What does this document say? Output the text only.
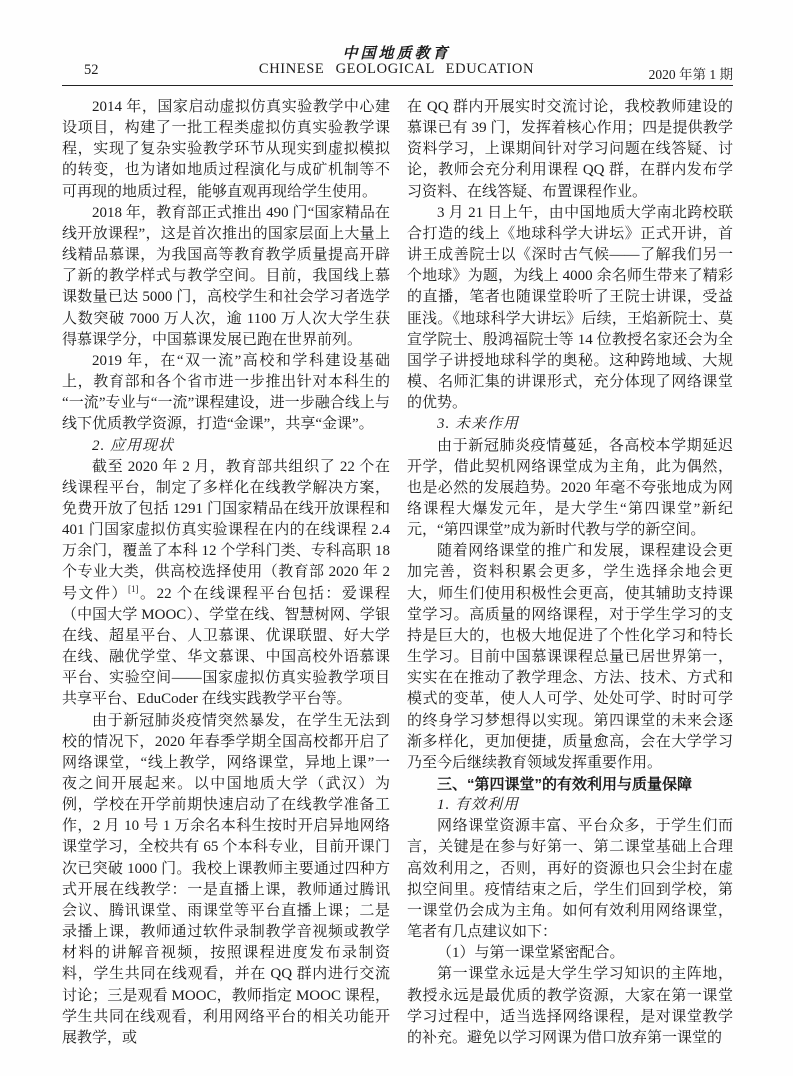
中国地质教育
CHINESE GEOLOGICAL EDUCATION
52	2020 年第 1 期

2014 年，国家启动虚拟仿真实验教学中心建设项目，构建了一批工程类虚拟仿真实验教学课程，实现了复杂实验教学环节从现实到虚拟模拟的转变，也为诸如地质过程演化与成矿机制等不可再现的地质过程，能够直观再现给学生使用。

2018 年，教育部正式推出 490 门“国家精品在线开放课程”，这是首次推出的国家层面上大量上线精品慕课，为我国高等教育教学质量提高开辟了新的教学样式与教学空间。目前，我国线上慕课数量已达 5000 门，高校学生和社会学习者选学人数突破 7000 万人次，逾 1100 万人次大学生获得慕课学分，中国慕课发展已跑在世界前列。

2019 年，在“双一流”高校和学科建设基础上，教育部和各个省市进一步推出针对本科生的“一流”专业与“一流”课程建设，进一步融合线上与线下优质教学资源，打造“金课”，共享“金课”。

2. 应用现状

截至 2020 年 2 月，教育部共组织了 22 个在线课程平台，制定了多样化在线教学解决方案，免费开放了包括 1291 门国家精品在线开放课程和 401 门国家虚拟仿真实验课程在内的在线课程 2.4 万余门，覆盖了本科 12 个学科门类、专科高职 18 个专业大类，供高校选择使用（教育部 2020 年 2 号文件）[1]。22 个在线课程平台包括：爱课程（中国大学 MOOC）、学堂在线、智慧树网、学银在线、超星平台、人卫慕课、优课联盟、好大学在线、融优学堂、华文慕课、中国高校外语慕课平台、实验空间——国家虚拟仿真实验教学项目共享平台、EduCoder 在线实践教学平台等。

由于新冠肺炎疫情突然暴发，在学生无法到校的情况下，2020 年春季学期全国高校都开启了网络课堂，“线上教学，网络课堂，异地上课”一夜之间开展起来。以中国地质大学（武汉）为例，学校在开学前期快速启动了在线教学准备工作，2 月 10 号 1 万余名本科生按时开启异地网络课堂学习，全校共有 65 个本科专业，目前开课门次已突破 1000 门。我校上课教师主要通过四种方式开展在线教学：一是直播上课，教师通过腾讯会议、腾讯课堂、雨课堂等平台直播上课；二是录播上课，教师通过软件录制教学音视频或教学材料的讲解音视频，按照课程进度发布录制资料，学生共同在线观看，并在 QQ 群内进行交流讨论；三是观看 MOOC，教师指定 MOOC 课程，学生共同在线观看，利用网络平台的相关功能开展教学，或

在 QQ 群内开展实时交流讨论，我校教师建设的慕课已有 39 门，发挥着核心作用；四是提供教学资料学习，上课期间针对学习问题在线答疑、讨论，教师会充分利用课程 QQ 群，在群内发布学习资料、在线答疑、布置课程作业。

3 月 21 日上午，由中国地质大学南北跨校联合打造的线上《地球科学大讲坛》正式开讲，首讲王成善院士以《深时古气候——了解我们另一个地球》为题，为线上 4000 余名师生带来了精彩的直播，笔者也随课堂聆听了王院士讲课，受益匪浅。《地球科学大讲坛》后续，王焰新院士、莫宣学院士、殷鸿福院士等 14 位教授名家还会为全国学子讲授地球科学的奥秘。这种跨地域、大规模、名师汇集的讲课形式，充分体现了网络课堂的优势。

3. 未来作用

由于新冠肺炎疫情蔓延，各高校本学期延迟开学，借此契机网络课堂成为主角，此为偶然，也是必然的发展趋势。2020 年毫不夸张地成为网络课程大爆发元年，是大学生“第四课堂”新纪元，“第四课堂”成为新时代教与学的新空间。

随着网络课堂的推广和发展，课程建设会更加完善，资料积累会更多，学生选择余地会更大，师生们使用积极性会更高，使其辅助支持课堂学习。高质量的网络课程，对于学生学习的支持是巨大的，也极大地促进了个性化学习和特长生学习。目前中国慕课课程总量已居世界第一，实实在在推动了教学理念、方法、技术、方式和模式的变革，使人人可学、处处可学、时时可学的终身学习梦想得以实现。第四课堂的未来会逐渐多样化，更加便捷，质量愈高，会在大学学习乃至今后继续教育领域发挥重要作用。

三、“第四课堂”的有效利用与质量保障

1. 有效利用

网络课堂资源丰富、平台众多，于学生们而言，关键是在参与好第一、第二课堂基础上合理高效利用之，否则，再好的资源也只会尘封在虚拟空间里。疫情结束之后，学生们回到学校，第一课堂仍会成为主角。如何有效利用网络课堂，笔者有几点建议如下：

（1）与第一课堂紧密配合。

第一课堂永远是大学生学习知识的主阵地，教授永远是最优质的教学资源，大家在第一课堂学习过程中，适当选择网络课程，是对课堂教学的补充。避免以学习网课为借口放弃第一课堂的
